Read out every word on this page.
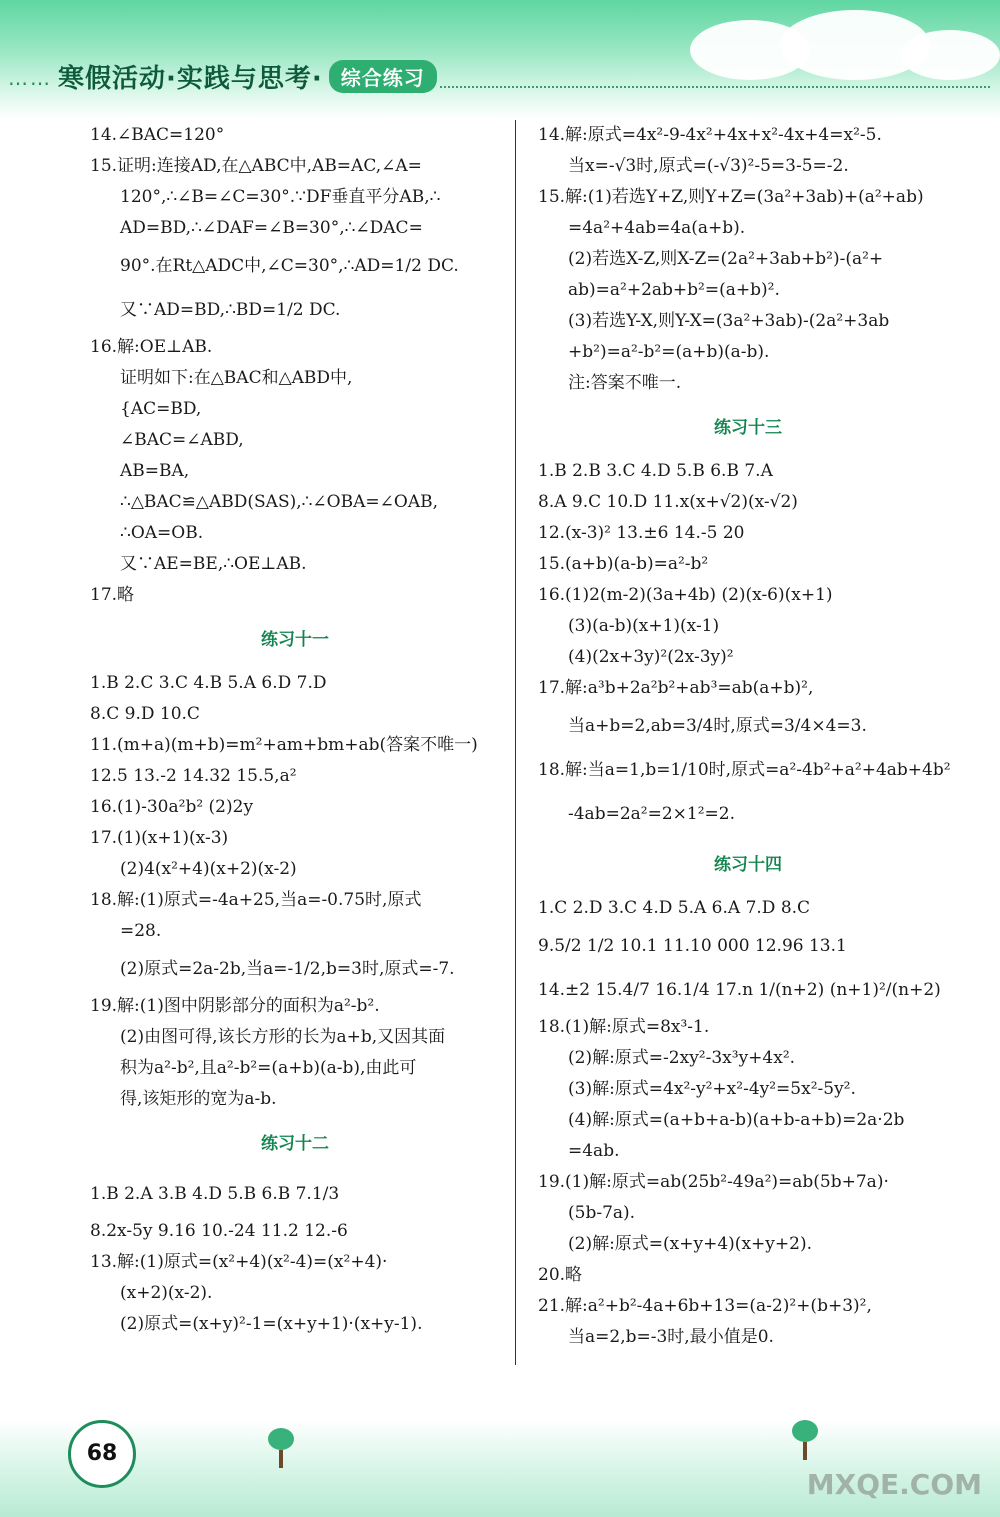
…… 寒假活动·实践与思考· 综合练习
14.∠BAC=120°
15.证明:连接AD,在△ABC中,AB=AC,∠A=
120°,∴∠B=∠C=30°.∵DF垂直平分AB,∴
AD=BD,∴∠DAF=∠B=30°,∴∠DAC=
90°.在Rt△ADC中,∠C=30°,∴AD=1/2 DC.
又∵AD=BD,∴BD=1/2 DC.
16.解:OE⊥AB.
证明如下:在△BAC和△ABD中,
{AC=BD,
∠BAC=∠ABD,
AB=BA,
∴△BAC≌△ABD(SAS),∴∠OBA=∠OAB,
∴OA=OB.
又∵AE=BE,∴OE⊥AB.
17.略
练习十一
1.B 2.C 3.C 4.B 5.A 6.D 7.D
8.C 9.D 10.C
11.(m+a)(m+b)=m²+am+bm+ab(答案不唯一)
12.5 13.-2 14.32 15.5,a²
16.(1)-30a²b² (2)2y
17.(1)(x+1)(x-3)
(2)4(x²+4)(x+2)(x-2)
18.解:(1)原式=-4a+25,当a=-0.75时,原式
=28.
(2)原式=2a-2b,当a=-1/2,b=3时,原式=-7.
19.解:(1)图中阴影部分的面积为a²-b².
(2)由图可得,该长方形的长为a+b,又因其面
积为a²-b²,且a²-b²=(a+b)(a-b),由此可
得,该矩形的宽为a-b.
练习十二
1.B 2.A 3.B 4.D 5.B 6.B 7.1/3
8.2x-5y 9.16 10.-24 11.2 12.-6
13.解:(1)原式=(x²+4)(x²-4)=(x²+4)·
(x+2)(x-2).
(2)原式=(x+y)²-1=(x+y+1)·(x+y-1).
14.解:原式=4x²-9-4x²+4x+x²-4x+4=x²-5.
当x=-√3时,原式=(-√3)²-5=3-5=-2.
15.解:(1)若选Y+Z,则Y+Z=(3a²+3ab)+(a²+ab)
=4a²+4ab=4a(a+b).
(2)若选X-Z,则X-Z=(2a²+3ab+b²)-(a²+
ab)=a²+2ab+b²=(a+b)².
(3)若选Y-X,则Y-X=(3a²+3ab)-(2a²+3ab
+b²)=a²-b²=(a+b)(a-b).
注:答案不唯一.
练习十三
1.B 2.B 3.C 4.D 5.B 6.B 7.A
8.A 9.C 10.D 11.x(x+√2)(x-√2)
12.(x-3)² 13.±6 14.-5 20
15.(a+b)(a-b)=a²-b²
16.(1)2(m-2)(3a+4b) (2)(x-6)(x+1)
(3)(a-b)(x+1)(x-1)
(4)(2x+3y)²(2x-3y)²
17.解:a³b+2a²b²+ab³=ab(a+b)²,
当a+b=2,ab=3/4时,原式=3/4×4=3.
18.解:当a=1,b=1/10时,原式=a²-4b²+a²+4ab+4b²
-4ab=2a²=2×1²=2.
练习十四
1.C 2.D 3.C 4.D 5.A 6.A 7.D 8.C
9.5/2 1/2 10.1 11.10 000 12.96 13.1
14.±2 15.4/7 16.1/4 17.n 1/(n+2) (n+1)²/(n+2)
18.(1)解:原式=8x³-1.
(2)解:原式=-2xy²-3x³y+4x².
(3)解:原式=4x²-y²+x²-4y²=5x²-5y².
(4)解:原式=(a+b+a-b)(a+b-a+b)=2a·2b
=4ab.
19.(1)解:原式=ab(25b²-49a²)=ab(5b+7a)·
(5b-7a).
(2)解:原式=(x+y+4)(x+y+2).
20.略
21.解:a²+b²-4a+6b+13=(a-2)²+(b+3)²,
当a=2,b=-3时,最小值是0.
68
MXQE.COM
